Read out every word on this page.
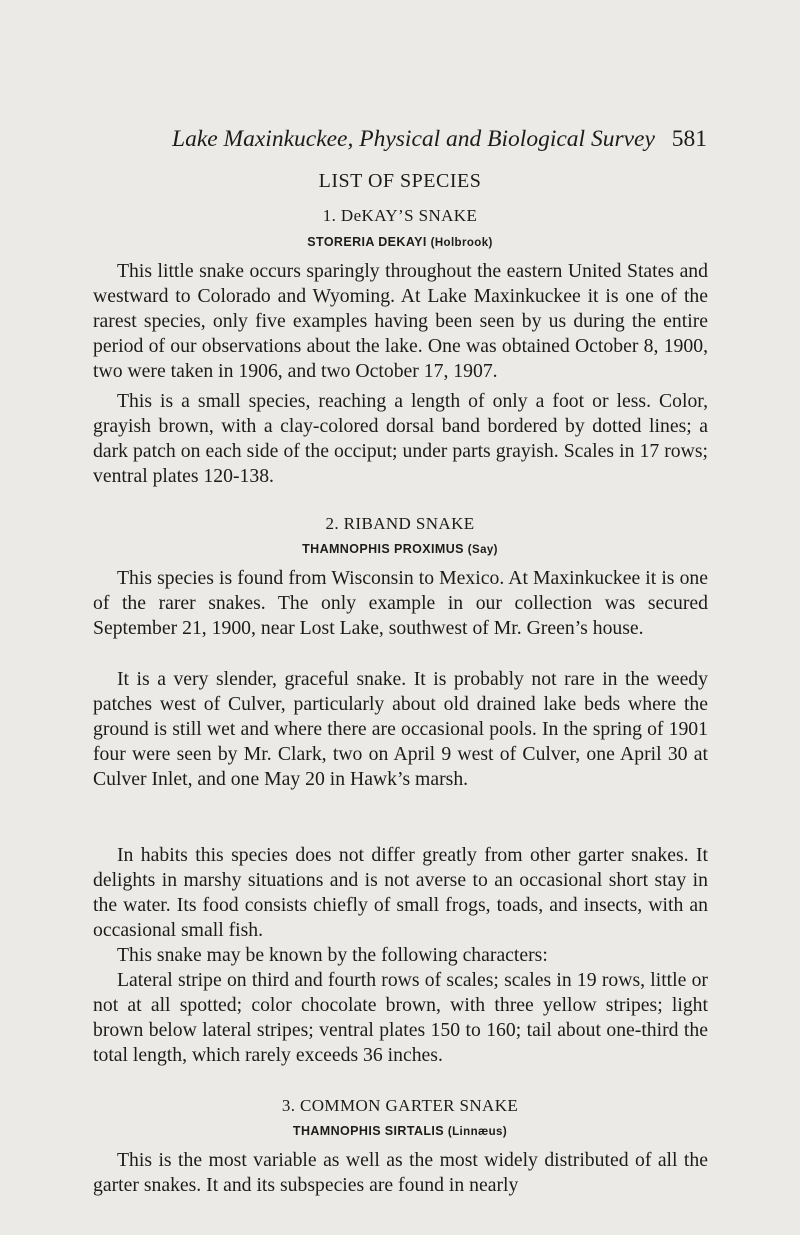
Lake Maxinkuckee, Physical and Biological Survey 581
LIST OF SPECIES
1. DeKAY’S SNAKE
STORERIA DEKAYI (Holbrook)

This little snake occurs sparingly throughout the eastern United States and westward to Colorado and Wyoming. At Lake Maxinkuckee it is one of the rarest species, only five examples having been seen by us during the entire period of our observations about the lake. One was obtained October 8, 1900, two were taken in 1906, and two October 17, 1907.

This is a small species, reaching a length of only a foot or less. Color, grayish brown, with a clay-colored dorsal band bordered by dotted lines; a dark patch on each side of the occiput; under parts grayish. Scales in 17 rows; ventral plates 120-138.

2. RIBAND SNAKE
THAMNOPHIS PROXIMUS (Say)

This species is found from Wisconsin to Mexico. At Maxinkuckee it is one of the rarer snakes. The only example in our collection was secured September 21, 1900, near Lost Lake, southwest of Mr. Green’s house.

It is a very slender, graceful snake. It is probably not rare in the weedy patches west of Culver, particularly about old drained lake beds where the ground is still wet and where there are occasional pools. In the spring of 1901 four were seen by Mr. Clark, two on April 9 west of Culver, one April 30 at Culver Inlet, and one May 20 in Hawk’s marsh.

In habits this species does not differ greatly from other garter snakes. It delights in marshy situations and is not averse to an occasional short stay in the water. Its food consists chiefly of small frogs, toads, and insects, with an occasional small fish.

This snake may be known by the following characters:

Lateral stripe on third and fourth rows of scales; scales in 19 rows, little or not at all spotted; color chocolate brown, with three yellow stripes; light brown below lateral stripes; ventral plates 150 to 160; tail about one-third the total length, which rarely exceeds 36 inches.

3. COMMON GARTER SNAKE
THAMNOPHIS SIRTALIS (Linnæus)

This is the most variable as well as the most widely distributed of all the garter snakes. It and its subspecies are found in nearly
